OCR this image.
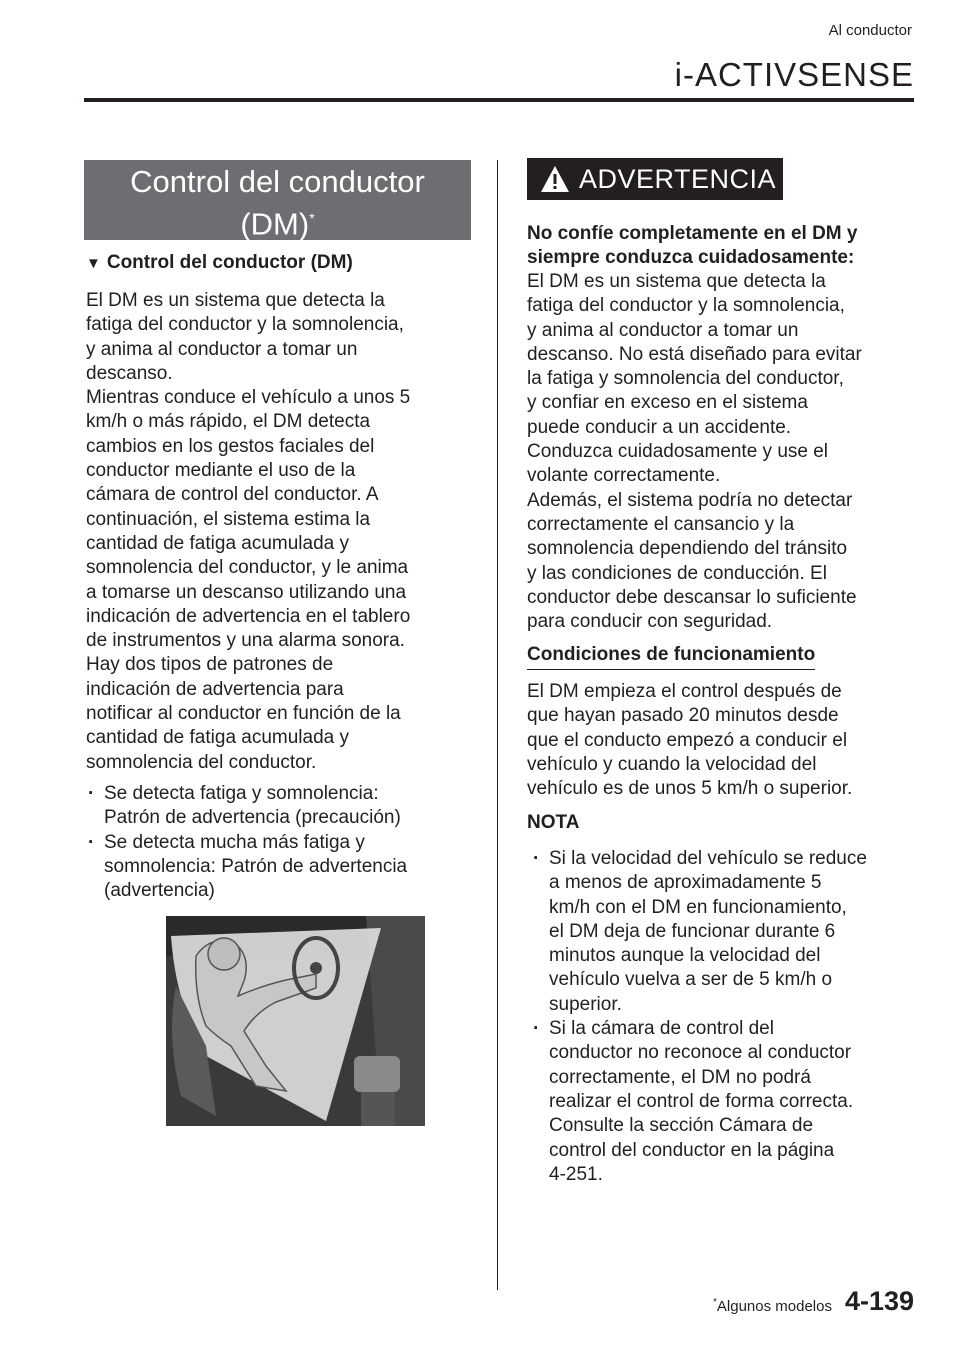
Al conductor
i-ACTIVSENSE
Control del conductor
(DM)*
▼ Control del conductor (DM)
El DM es un sistema que detecta la
fatiga del conductor y la somnolencia,
y anima al conductor a tomar un
descanso.
Mientras conduce el vehículo a unos 5
km/h o más rápido, el DM detecta
cambios en los gestos faciales del
conductor mediante el uso de la
cámara de control del conductor. A
continuación, el sistema estima la
cantidad de fatiga acumulada y
somnolencia del conductor, y le anima
a tomarse un descanso utilizando una
indicación de advertencia en el tablero
de instrumentos y una alarma sonora.
Hay dos tipos de patrones de
indicación de advertencia para
notificar al conductor en función de la
cantidad de fatiga acumulada y
somnolencia del conductor.
· Se detecta fatiga y somnolencia:
Patrón de advertencia (precaución)
· Se detecta mucha más fatiga y
somnolencia: Patrón de advertencia
(advertencia)
ADVERTENCIA
No confíe completamente en el DM y
siempre conduzca cuidadosamente:
El DM es un sistema que detecta la
fatiga del conductor y la somnolencia,
y anima al conductor a tomar un
descanso. No está diseñado para evitar
la fatiga y somnolencia del conductor,
y confiar en exceso en el sistema
puede conducir a un accidente.
Conduzca cuidadosamente y use el
volante correctamente.
Además, el sistema podría no detectar
correctamente el cansancio y la
somnolencia dependiendo del tránsito
y las condiciones de conducción. El
conductor debe descansar lo suficiente
para conducir con seguridad.
Condiciones de funcionamiento
El DM empieza el control después de
que hayan pasado 20 minutos desde
que el conducto empezó a conducir el
vehículo y cuando la velocidad del
vehículo es de unos 5 km/h o superior.
NOTA
· Si la velocidad del vehículo se reduce
a menos de aproximadamente 5
km/h con el DM en funcionamiento,
el DM deja de funcionar durante 6
minutos aunque la velocidad del
vehículo vuelva a ser de 5 km/h o
superior.
· Si la cámara de control del
conductor no reconoce al conductor
correctamente, el DM no podrá
realizar el control de forma correcta.
Consulte la sección Cámara de
control del conductor en la página
4-251.
*Algunos modelos 4-139
